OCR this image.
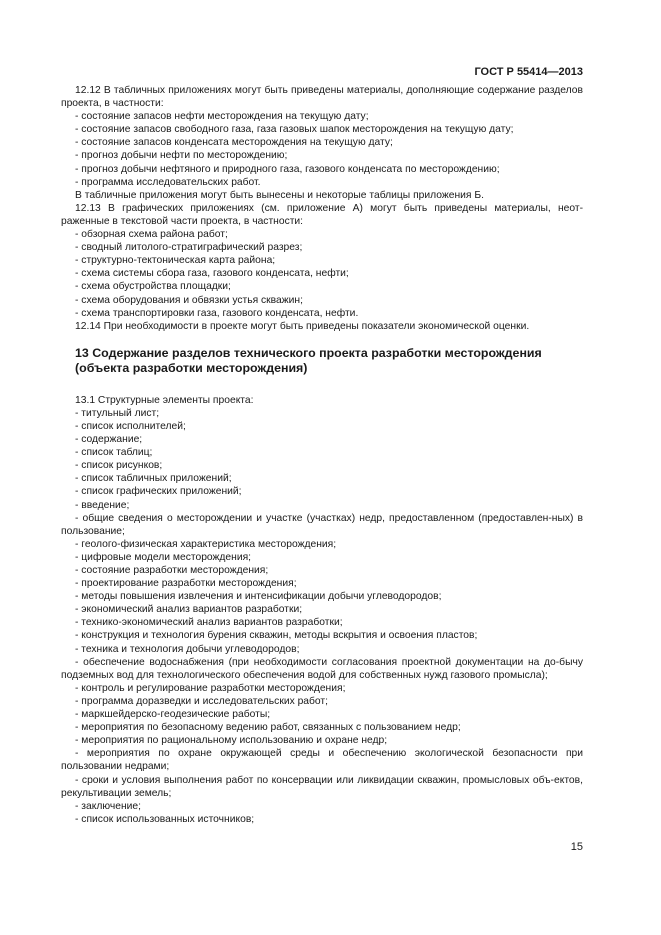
ГОСТ Р 55414—2013

12.12 В табличных приложениях могут быть приведены материалы, дополняющие содержание разделов проекта, в частности:

- состояние запасов нефти месторождения на текущую дату;

- состояние запасов свободного газа, газа газовых шапок месторождения на текущую дату;

- состояние запасов конденсата месторождения на текущую дату;

- прогноз добычи нефти по месторождению;

- прогноз добычи нефтяного и природного газа, газового конденсата по месторождению;

- программа исследовательских работ.

В табличные приложения могут быть вынесены и некоторые таблицы приложения Б.

12.13 В графических приложениях (см. приложение А) могут быть приведены материалы, неот-раженные в текстовой части проекта, в частности:

- обзорная схема района работ;

- сводный литолого-стратиграфический разрез;

- структурно-тектоническая карта района;

- схема системы сбора газа, газового конденсата, нефти;

- схема обустройства площадки;

- схема оборудования и обвязки устья скважин;

- схема транспортировки газа, газового конденсата, нефти.

12.14 При необходимости в проекте могут быть приведены показатели экономической оценки.

13 Содержание разделов технического проекта разработки месторождения (объекта разработки месторождения)

13.1 Структурные элементы проекта:

- титульный лист;

- список исполнителей;

- содержание;

- список таблиц;

- список рисунков;

- список табличных приложений;

- список графических приложений;

- введение;

- общие сведения о месторождении и участке (участках) недр, предоставленном (предоставлен-ных) в пользование;

- геолого-физическая характеристика месторождения;

- цифровые модели месторождения;

- состояние разработки месторождения;

- проектирование разработки месторождения;

- методы повышения извлечения и интенсификации добычи углеводородов;

- экономический анализ вариантов разработки;

- технико-экономический анализ вариантов разработки;

- конструкция и технология бурения скважин, методы вскрытия и освоения пластов;

- техника и технология добычи углеводородов;

- обеспечение водоснабжения (при необходимости согласования проектной документации на до-бычу подземных вод для технологического обеспечения водой для собственных нужд газового промысла);

- контроль и регулирование разработки месторождения;

- программа доразведки и исследовательских работ;

- маркшейдерско-геодезические работы;

- мероприятия по безопасному ведению работ, связанных с пользованием недр;

- мероприятия по рациональному использованию и охране недр;

- мероприятия по охране окружающей среды и обеспечению экологической безопасности при пользовании недрами;

- сроки и условия выполнения работ по консервации или ликвидации скважин, промысловых объ-ектов, рекультивации земель;

- заключение;

- список использованных источников;

15
